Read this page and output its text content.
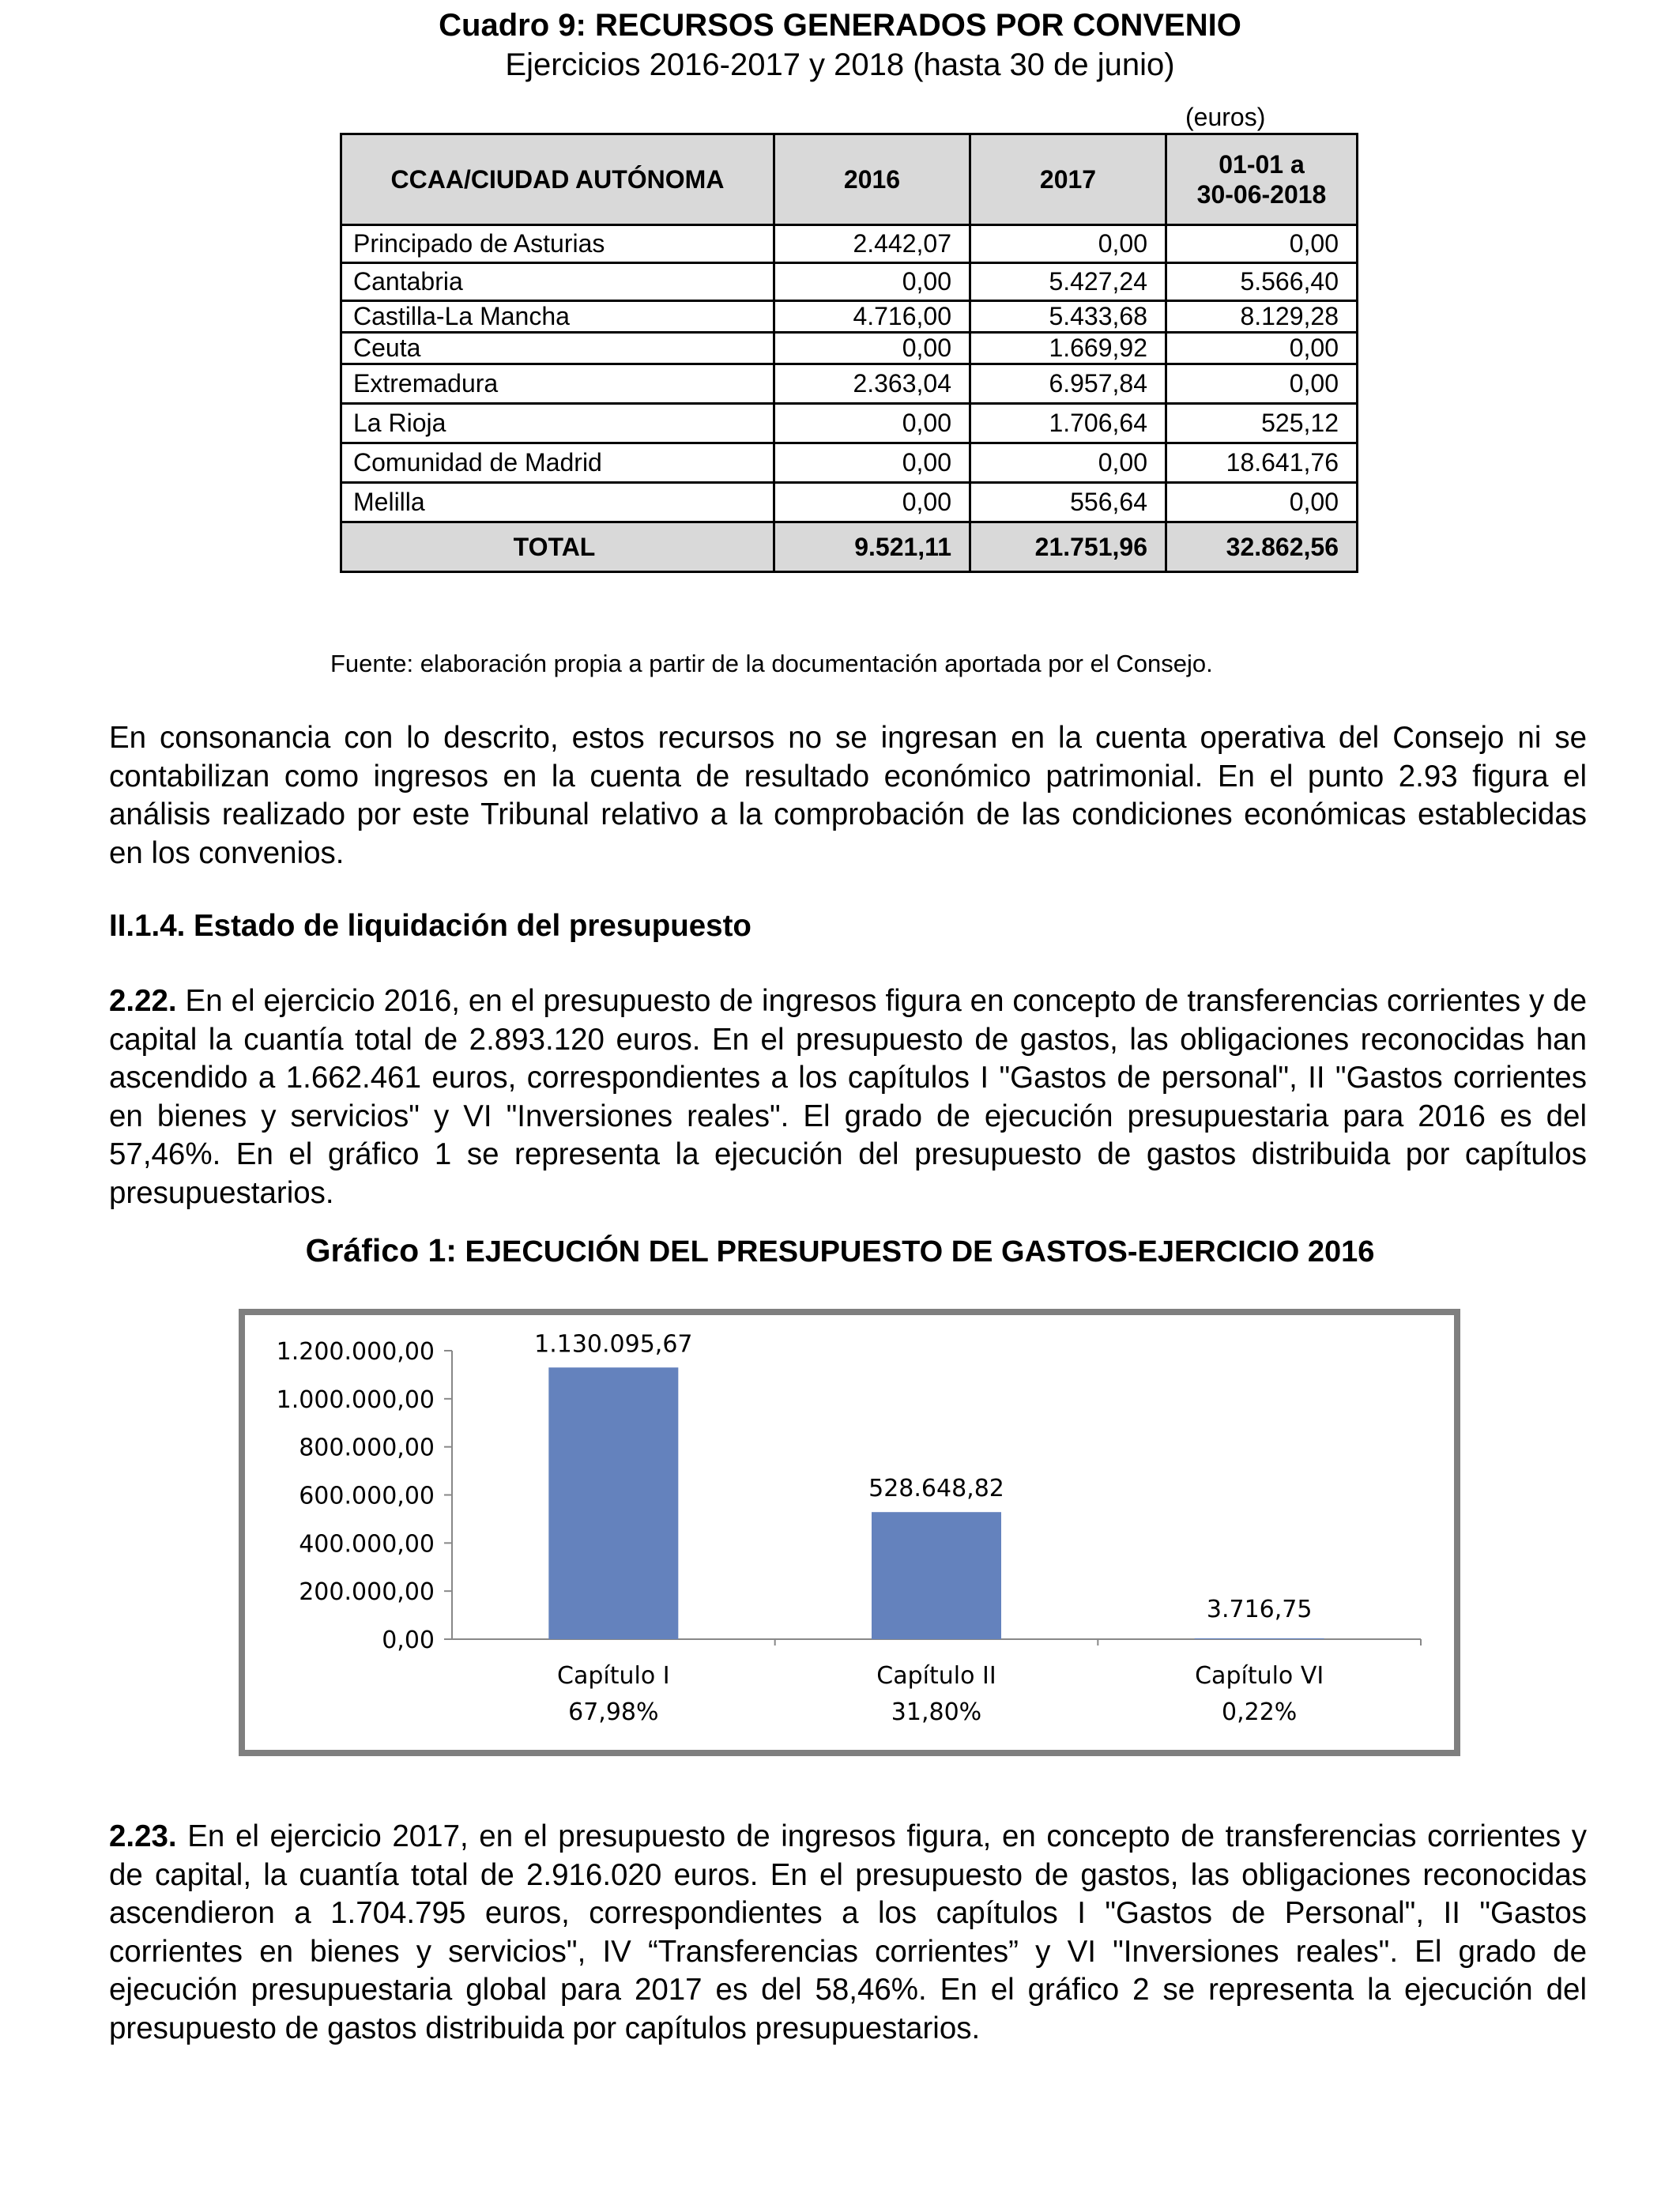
Cuadro 9: RECURSOS GENERADOS POR CONVENIO
Ejercicios 2016-2017 y 2018 (hasta 30 de junio)
(euros)
CCAA/CIUDAD AUTÓNOMA	2016	2017	01-01 a
30-06-2018
Principado de Asturias	2.442,07	0,00	0,00
Cantabria	0,00	5.427,24	5.566,40
Castilla-La Mancha	4.716,00	5.433,68	8.129,28
Ceuta	0,00	1.669,92	0,00
Extremadura	2.363,04	6.957,84	0,00
La Rioja	0,00	1.706,64	525,12
Comunidad de Madrid	0,00	0,00	18.641,76
Melilla	0,00	556,64	0,00
TOTAL	9.521,11	21.751,96	32.862,56
Fuente: elaboración propia a partir de la documentación aportada por el Consejo.

En consonancia con lo descrito, estos recursos no se ingresan en la cuenta operativa del Consejo ni se contabilizan como ingresos en la cuenta de resultado económico patrimonial. En el punto 2.93 figura el análisis realizado por este Tribunal relativo a la comprobación de las condiciones económicas establecidas en los convenios.

II.1.4. Estado de liquidación del presupuesto

2.22. En el ejercicio 2016, en el presupuesto de ingresos figura en concepto de transferencias corrientes y de capital la cuantía total de 2.893.120 euros. En el presupuesto de gastos, las obligaciones reconocidas han ascendido a 1.662.461 euros, correspondientes a los capítulos I "Gastos de personal", II "Gastos corrientes en bienes y servicios" y VI "Inversiones reales". El grado de ejecución presupuestaria para 2016 es del 57,46%. En el gráfico 1 se representa la ejecución del presupuesto de gastos distribuida por capítulos presupuestarios.

Gráfico 1: EJECUCIÓN DEL PRESUPUESTO DE GASTOS-EJERCICIO 2016
0,00
200.000,00
400.000,00
600.000,00
800.000,00
1.000.000,00
1.200.000,00	1.130.095,67
Capítulo I
67,98%
528.648,82
Capítulo II
31,80%
3.716,75
Capítulo VI
0,22%

2.23. En el ejercicio 2017, en el presupuesto de ingresos figura, en concepto de transferencias corrientes y de capital, la cuantía total de 2.916.020 euros. En el presupuesto de gastos, las obligaciones reconocidas ascendieron a 1.704.795 euros, correspondientes a los capítulos I "Gastos de Personal", II "Gastos corrientes en bienes y servicios", IV “Transferencias corrientes” y VI "Inversiones reales". El grado de ejecución presupuestaria global para 2017 es del 58,46%. En el gráfico 2 se representa la ejecución del presupuesto de gastos distribuida por capítulos presupuestarios.
